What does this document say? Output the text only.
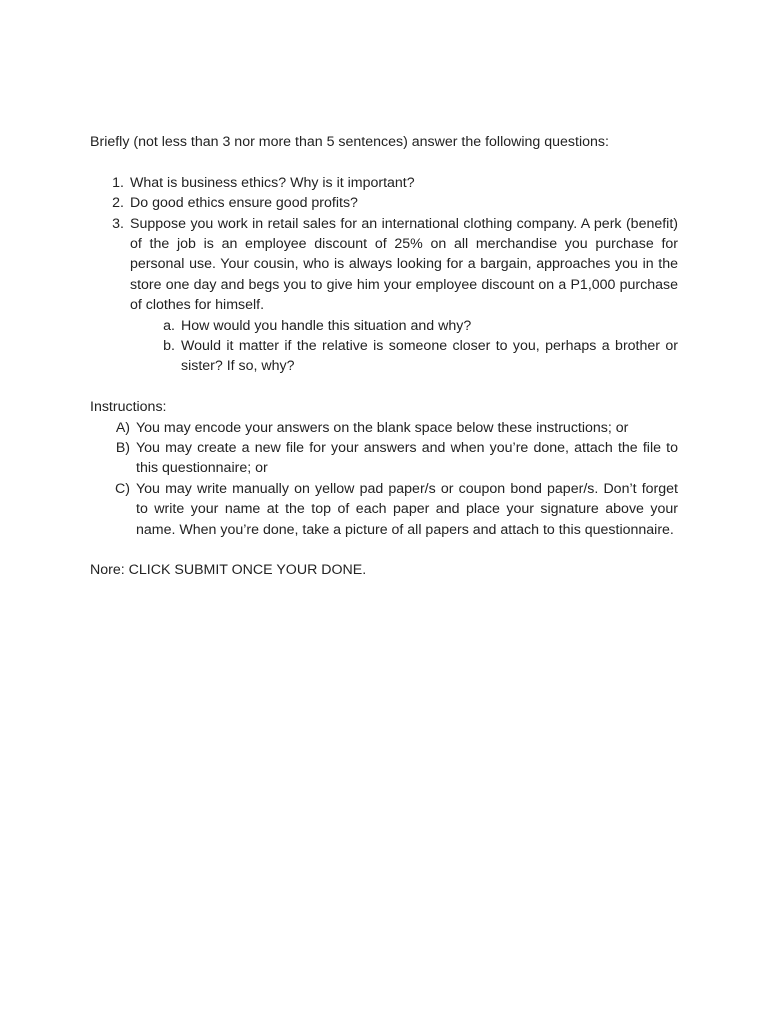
Briefly (not less than 3 nor more than 5 sentences) answer the following questions:

1. What is business ethics? Why is it important?
2. Do good ethics ensure good profits?
3. Suppose you work in retail sales for an international clothing company. A perk (benefit) of the job is an employee discount of 25% on all merchandise you purchase for personal use. Your cousin, who is always looking for a bargain, approaches you in the store one day and begs you to give him your employee discount on a P1,000 purchase of clothes for himself.
a. How would you handle this situation and why?
b. Would it matter if the relative is someone closer to you, perhaps a brother or sister? If so, why?

Instructions:

A) You may encode your answers on the blank space below these instructions; or
B) You may create a new file for your answers and when you’re done, attach the file to this questionnaire; or
C) You may write manually on yellow pad paper/s or coupon bond paper/s. Don’t forget to write your name at the top of each paper and place your signature above your name. When you’re done, take a picture of all papers and attach to this questionnaire.

Nore: CLICK SUBMIT ONCE YOUR DONE.
